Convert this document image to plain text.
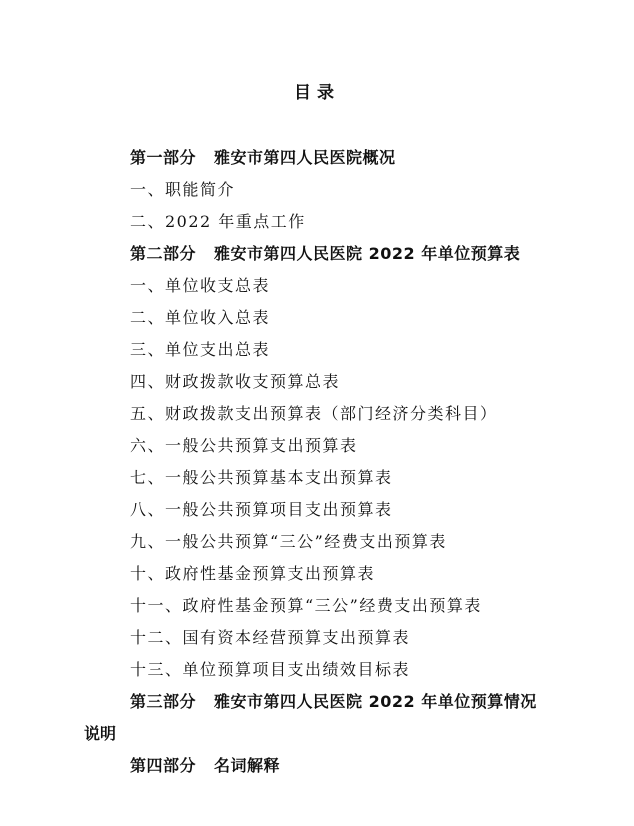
目录
第一部分 雅安市第四人民医院概况
一、职能简介
二、2022 年重点工作
第二部分 雅安市第四人民医院 2022 年单位预算表
一、单位收支总表
二、单位收入总表
三、单位支出总表
四、财政拨款收支预算总表
五、财政拨款支出预算表（部门经济分类科目）
六、一般公共预算支出预算表
七、一般公共预算基本支出预算表
八、一般公共预算项目支出预算表
九、一般公共预算“三公”经费支出预算表
十、政府性基金预算支出预算表
十一、政府性基金预算“三公”经费支出预算表
十二、国有资本经营预算支出预算表
十三、单位预算项目支出绩效目标表
第三部分 雅安市第四人民医院 2022 年单位预算情况
说明
第四部分 名词解释
